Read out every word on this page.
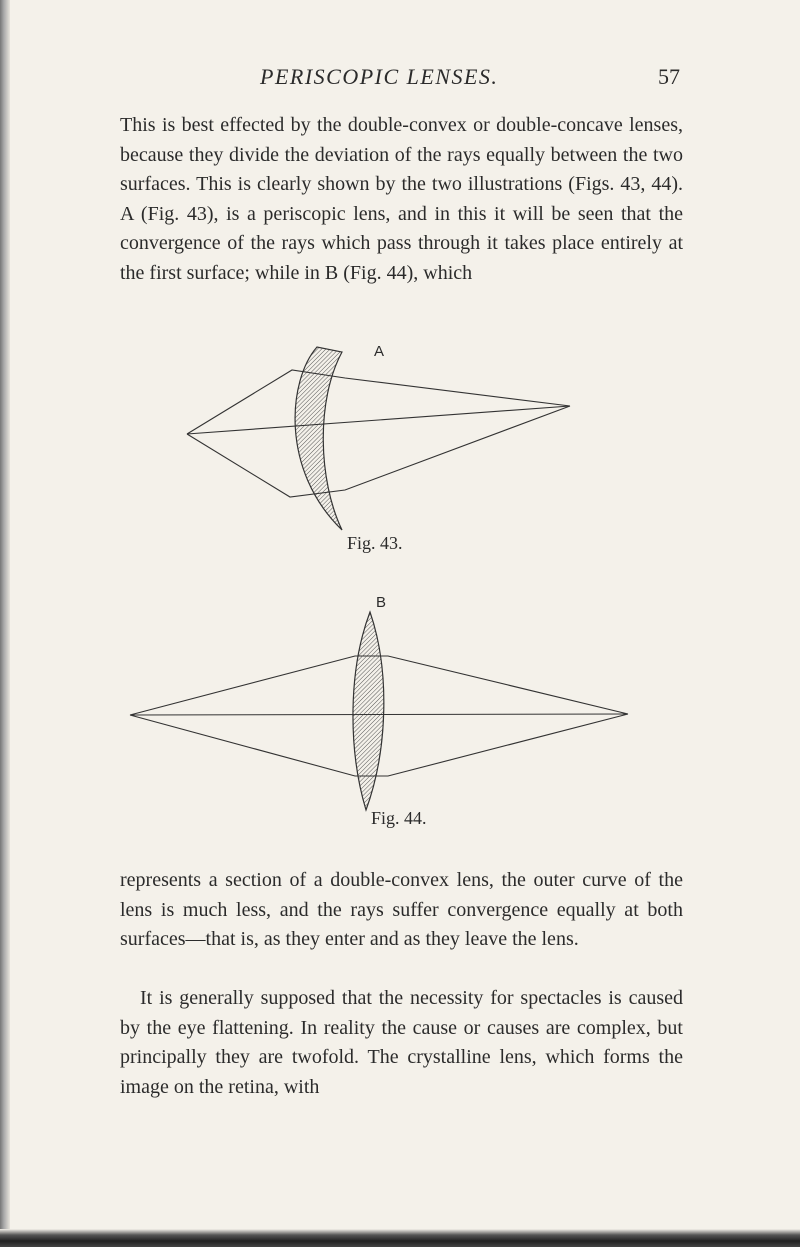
PERISCOPIC LENSES.	57

This is best effected by the double-convex or double-concave lenses, because they divide the deviation of the rays equally between the two surfaces. This is clearly shown by the two illustrations (Figs. 43, 44). A (Fig. 43), is a periscopic lens, and in this it will be seen that the convergence of the rays which pass through it takes place entirely at the first surface; while in B (Fig. 44), which

A
Fig. 43.
B
Fig. 44.

represents a section of a double-convex lens, the outer curve of the lens is much less, and the rays suffer convergence equally at both surfaces—that is, as they enter and as they leave the lens.

It is generally supposed that the necessity for spectacles is caused by the eye flattening. In reality the cause or causes are complex, but principally they are twofold. The crystalline lens, which forms the image on the retina, with
